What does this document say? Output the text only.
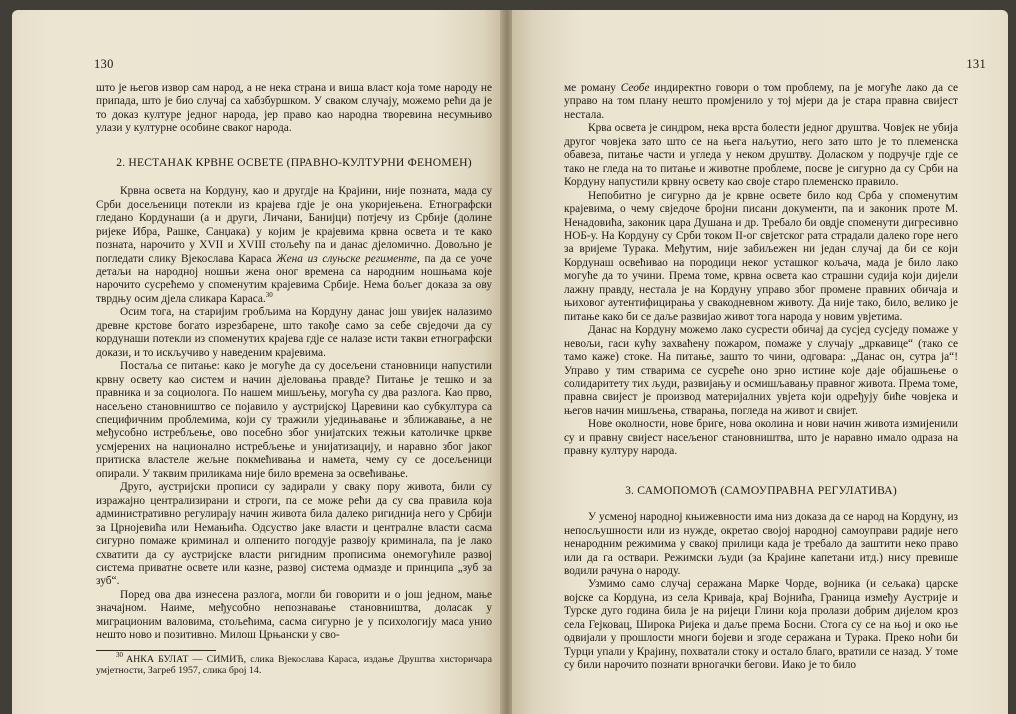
130

што је његов извор сам народ, а не нека страна и виша власт која томе народу не припада, што је био случај са хабзбуршком. У сваком случају, можемо рећи да је то доказ културе једног народа, јер право као народна творевина несумњиво улази у културне особине сваког народа.

2. НЕСТАНАК КРВНЕ ОСВЕТЕ (ПРАВНО-КУЛТУРНИ ФЕНОМЕН)

Крвна освета на Кордуну, као и другдје на Крајини, није позната, мада су Срби досељеници потекли из крајева гдје је она укоријењена. Етнографски гледано Кордунаши (а и други, Личани, Банијци) потјечу из Србије (долине ријеке Ибра, Рашке, Санџака) у којим је крајевима крвна освета и те како позната, нарочито у XVII и XVIII стољећу па и данас дјеломично. Довољно је погледати слику Вјекослава Караса Жена из слуњске регименте, па да се уоче детаљи на народној ношњи жена оног времена са народним ношњама које нарочито сусрећемо у споменутим крајевима Србије. Нема бољег доказа за ову тврдњу осим дјела сликара Караса.$^{30}$

Осим тога, на старијим гробљима на Кордуну данас још увијек налазимо древне крстове богато изрезбарене, што такође само за себе свједочи да су кордунаши потекли из споменутих крајева гдје се налазе исти такви етнографски докази, и то искључиво у наведеним крајевима.

Постаља се питање: како је могуће да су досељени становници напустили крвну освету као систем и начин дјеловања правде? Питање је тешко и за правника и за социолога. По нашем мишљењу, могућа су два разлога. Као прво, насељено становништво се појавило у аустријској Царевини као субкултура са специфичним проблемима, који су тражили уједињавање и зближавање, а не међусобно истребљење, ово посебно због унијатских тежњи католичке цркве усмјерених на национално истребљење и унијатизацију, и наравно због јаког притиска властеле жељне покмећивања и намета, чему су се досељеници опирали. У таквим приликама није било времена за освећивање.

Друго, аустријски прописи су задирали у сваку пору живота, били су изражајно централизирани и строги, па се може рећи да су сва правила која административно регулирају начин живота била далеко ригиднија него у Србији за Црнојевића или Немањића. Одсуство јаке власти и централне власти сасма сигурно помаже криминал и олпенито погодује развоју криминала, па је лако схватити да су аустријске власти ригидним прописима онемогућиле развој система приватне освете или казне, развој система одмазде и принципа „зуб за зуб“.

Поред ова два изнесена разлога, могли би говорити и о још једном, мање значајном. Наиме, међусобно непознавање становништва, доласак у миграционим валовима, стољећима, сасма сигурно је у психологију маса унио нешто ново и позитивно. Милош Црњански у сво-

$^{30}$ АНКА БУЛАТ — СИМИЋ, слика Вјекослава Караса, издање Друштва хисторичара умјетности, Загреб 1957, слика број 14.

131

ме роману Сеобе индиректно говори о том проблему, па је могуће лако да се управо на том плану нешто промјенило у тој мјери да је стара правна свијест нестала.

Крва освета је синдром, нека врста болести једног друштва. Човјек не убија другог човјека зато што се на њега наљутио, него зато што је то племенска обавеза, питање части и угледа у неком друштву. Доласком у подручје гдје се тако не гледа на то питање и животне проблеме, посве је сигурно да су Срби на Кордуну напустили крвну освету као своје старо племенско правило.

Непобитно је сигурно да је крвне освете било код Срба у споменутим крајевима, о чему свједоче бројни писани документи, па и законик проте М. Ненадовића, законик цара Душана и др. Требало би овдје споменути дигресивно НОБ-у. На Кордуну су Срби током II-ог свјетског рата страдали далеко горе него за вријеме Турака. Међутим, није забиљежен ни један случај да би се који Кордунаш освећивао на породици неког усташког кољача, мада је било лако могуће да то учини. Према томе, крвна освета као страшни судија који дијели лажну правду, нестала је на Кордуну управо због промене правних обичаја и њиховог аутентифицирања у свакодневном животу. Да није тако, било, велико је питање како би се даље развијао живот тога народа у новим увјетима.

Данас на Кордуну можемо лако сусрести обичај да сусјед сусједу помаже у невољи, гаси кућу захваћену пожаром, помаже у случају „дркавице“ (тако се тамо каже) стоке. На питање, зашто то чини, одговара: „Данас он, сутра ја“! Управо у тим стварима се сусреће оно зрно истине које даје објашњење о солидаритету тих људи, развијању и осмишљавању правног живота. Према томе, правна свијест је производ материјалних увјета који одређују биће човјека и његов начин мишљења, стварања, погледа на живот и свијет.

Нове околности, нове бриге, нова околина и нови начин живота измијенили су и правну свијест насељеног становништва, што је наравно имало одраза на правну културу народа.

3. САМОПОМОЋ (САМОУПРАВНА РЕГУЛАТИВА)

У усменој народној књижевности има низ доказа да се народ на Кордуну, из непосљушности или из нужде, окретао својој народној самоуправи радије него ненародним режимима у свакој прилици када је требало да заштити неко право или да га оствари. Режимски људи (за Крајине капетани итд.) нису превише водили рачуна о народу.

Узмимо само случај серажана Марке Чорде, војника (и сељака) царске војске са Кордуна, из села Криваја, крај Војнића, Граница између Аустрије и Турске дуго година била је на ријеци Глини која пролази добрим дијелом кроз села Гејковац, Широка Ријека и даље према Босни. Стога су се на њој и око ње одвијали у прошлости многи бојеви и згоде серажана и Турака. Преко ноћи би Турци упали у Крајину, похватали стоку и остало благо, вратили се назад. У томе су били нарочито познати врногачки бегови. Иако је то било
